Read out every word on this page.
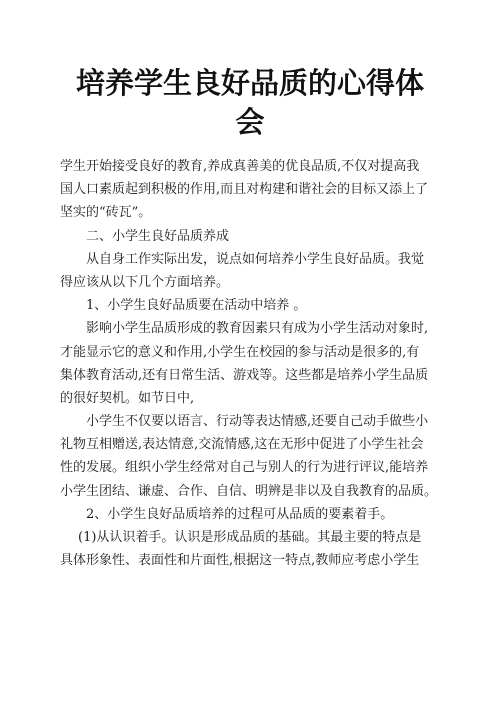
培养学生良好品质的心得体
会
学生开始接受良好的教育,养成真善美的优良品质,不仅对提高我
国人口素质起到积极的作用,而且对构建和谐社会的目标又添上了
坚实的“砖瓦”。
二、小学生良好品质养成
从自身工作实际出发，说点如何培养小学生良好品质。我觉
得应该从以下几个方面培养。
1、小学生良好品质要在活动中培养 。
影响小学生品质形成的教育因素只有成为小学生活动对象时,
才能显示它的意义和作用,小学生在校园的参与活动是很多的,有
集体教育活动,还有日常生活、游戏等。这些都是培养小学生品质
的很好契机。如节日中,
小学生不仅要以语言、行动等表达情感,还要自己动手做些小
礼物互相赠送,表达情意,交流情感,这在无形中促进了小学生社会
性的发展。组织小学生经常对自己与别人的行为进行评议,能培养
小学生团结、谦虚、合作、自信、明辨是非以及自我教育的品质。
2、小学生良好品质培养的过程可从品质的要素着手。
(1)从认识着手。认识是形成品质的基础。其最主要的特点是
具体形象性、表面性和片面性,根据这一特点,教师应考虑小学生
